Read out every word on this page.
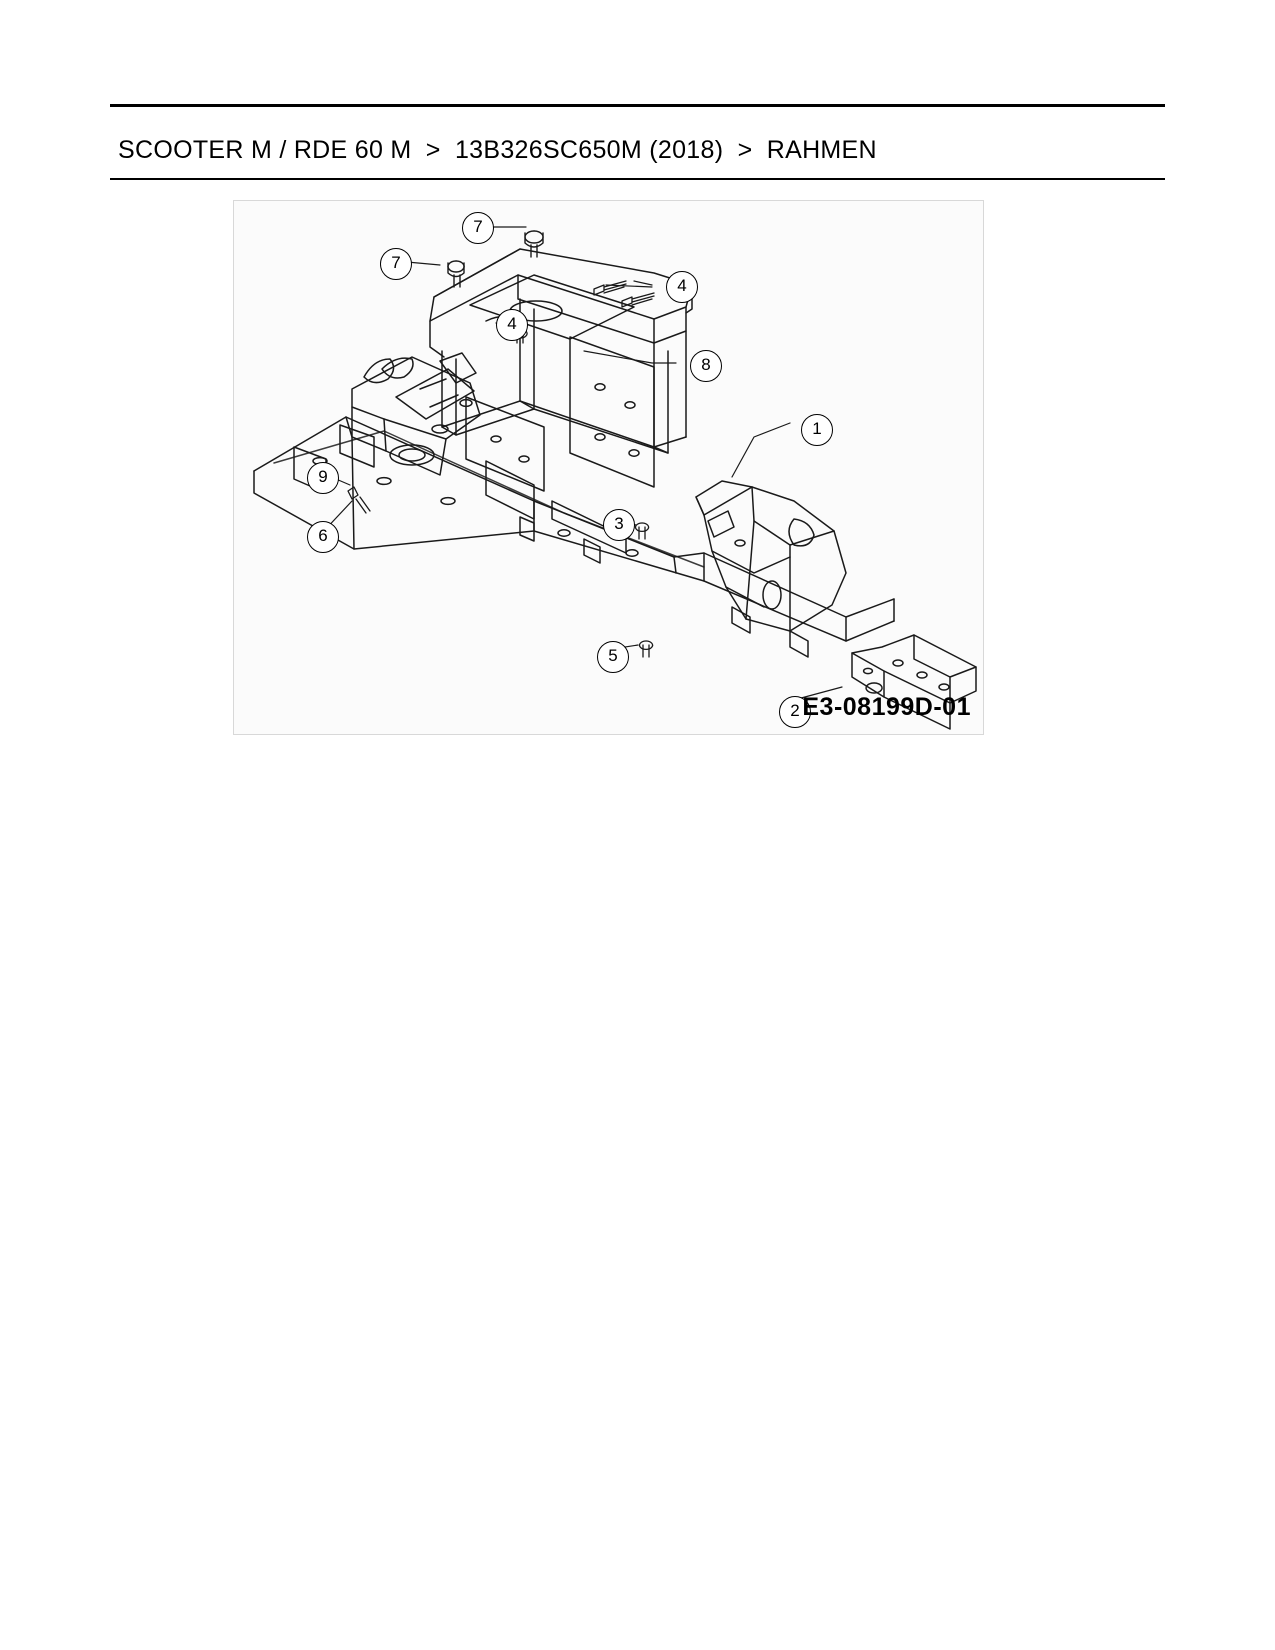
SCOOTER M / RDE 60 M > 13B326SC650M (2018) > RAHMEN
7
7
4
4
8
1
9
6
3
5
2 E3-08199D-01
